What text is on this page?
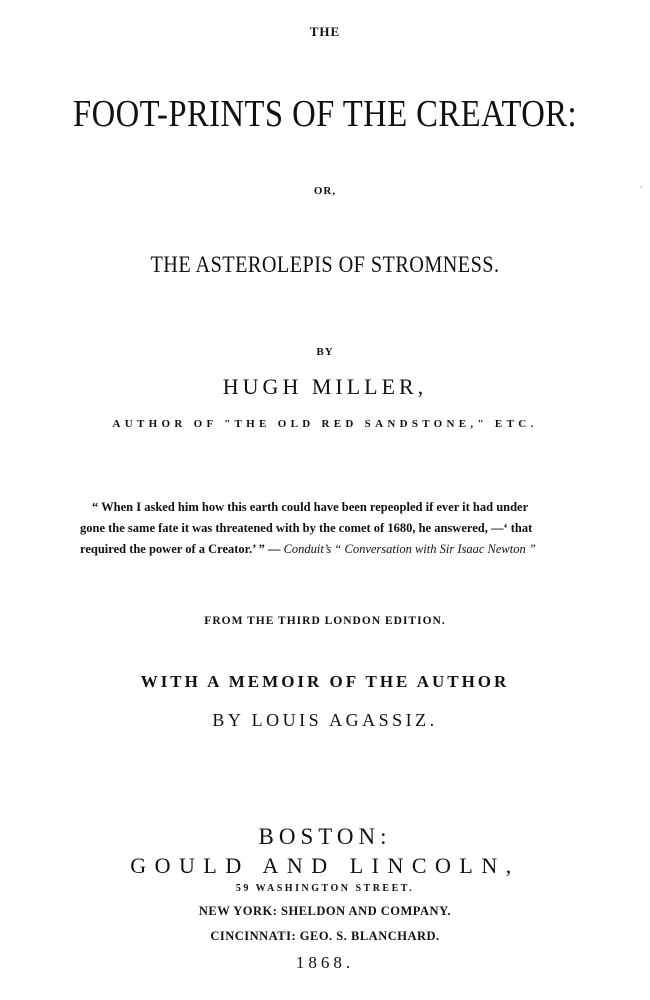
THE
FOOT-PRINTS OF THE CREATOR:
OR,
THE ASTEROLEPIS OF STROMNESS.
BY
HUGH MILLER,
AUTHOR OF "THE OLD RED SANDSTONE," ETC.
“ When I asked him how this earth could have been repeopled if ever it had under
gone the same fate it was threatened with by the comet of 1680, he answered, —‘ that
required the power of a Creator.’ ” — Conduit’s “ Conversation with Sir Isaac Newton ”
FROM THE THIRD LONDON EDITION.
WITH A MEMOIR OF THE AUTHOR
BY LOUIS AGASSIZ.
BOSTON:
GOULD AND LINCOLN,
59 WASHINGTON STREET.
NEW YORK: SHELDON AND COMPANY.
CINCINNATI: GEO. S. BLANCHARD.
1868.
